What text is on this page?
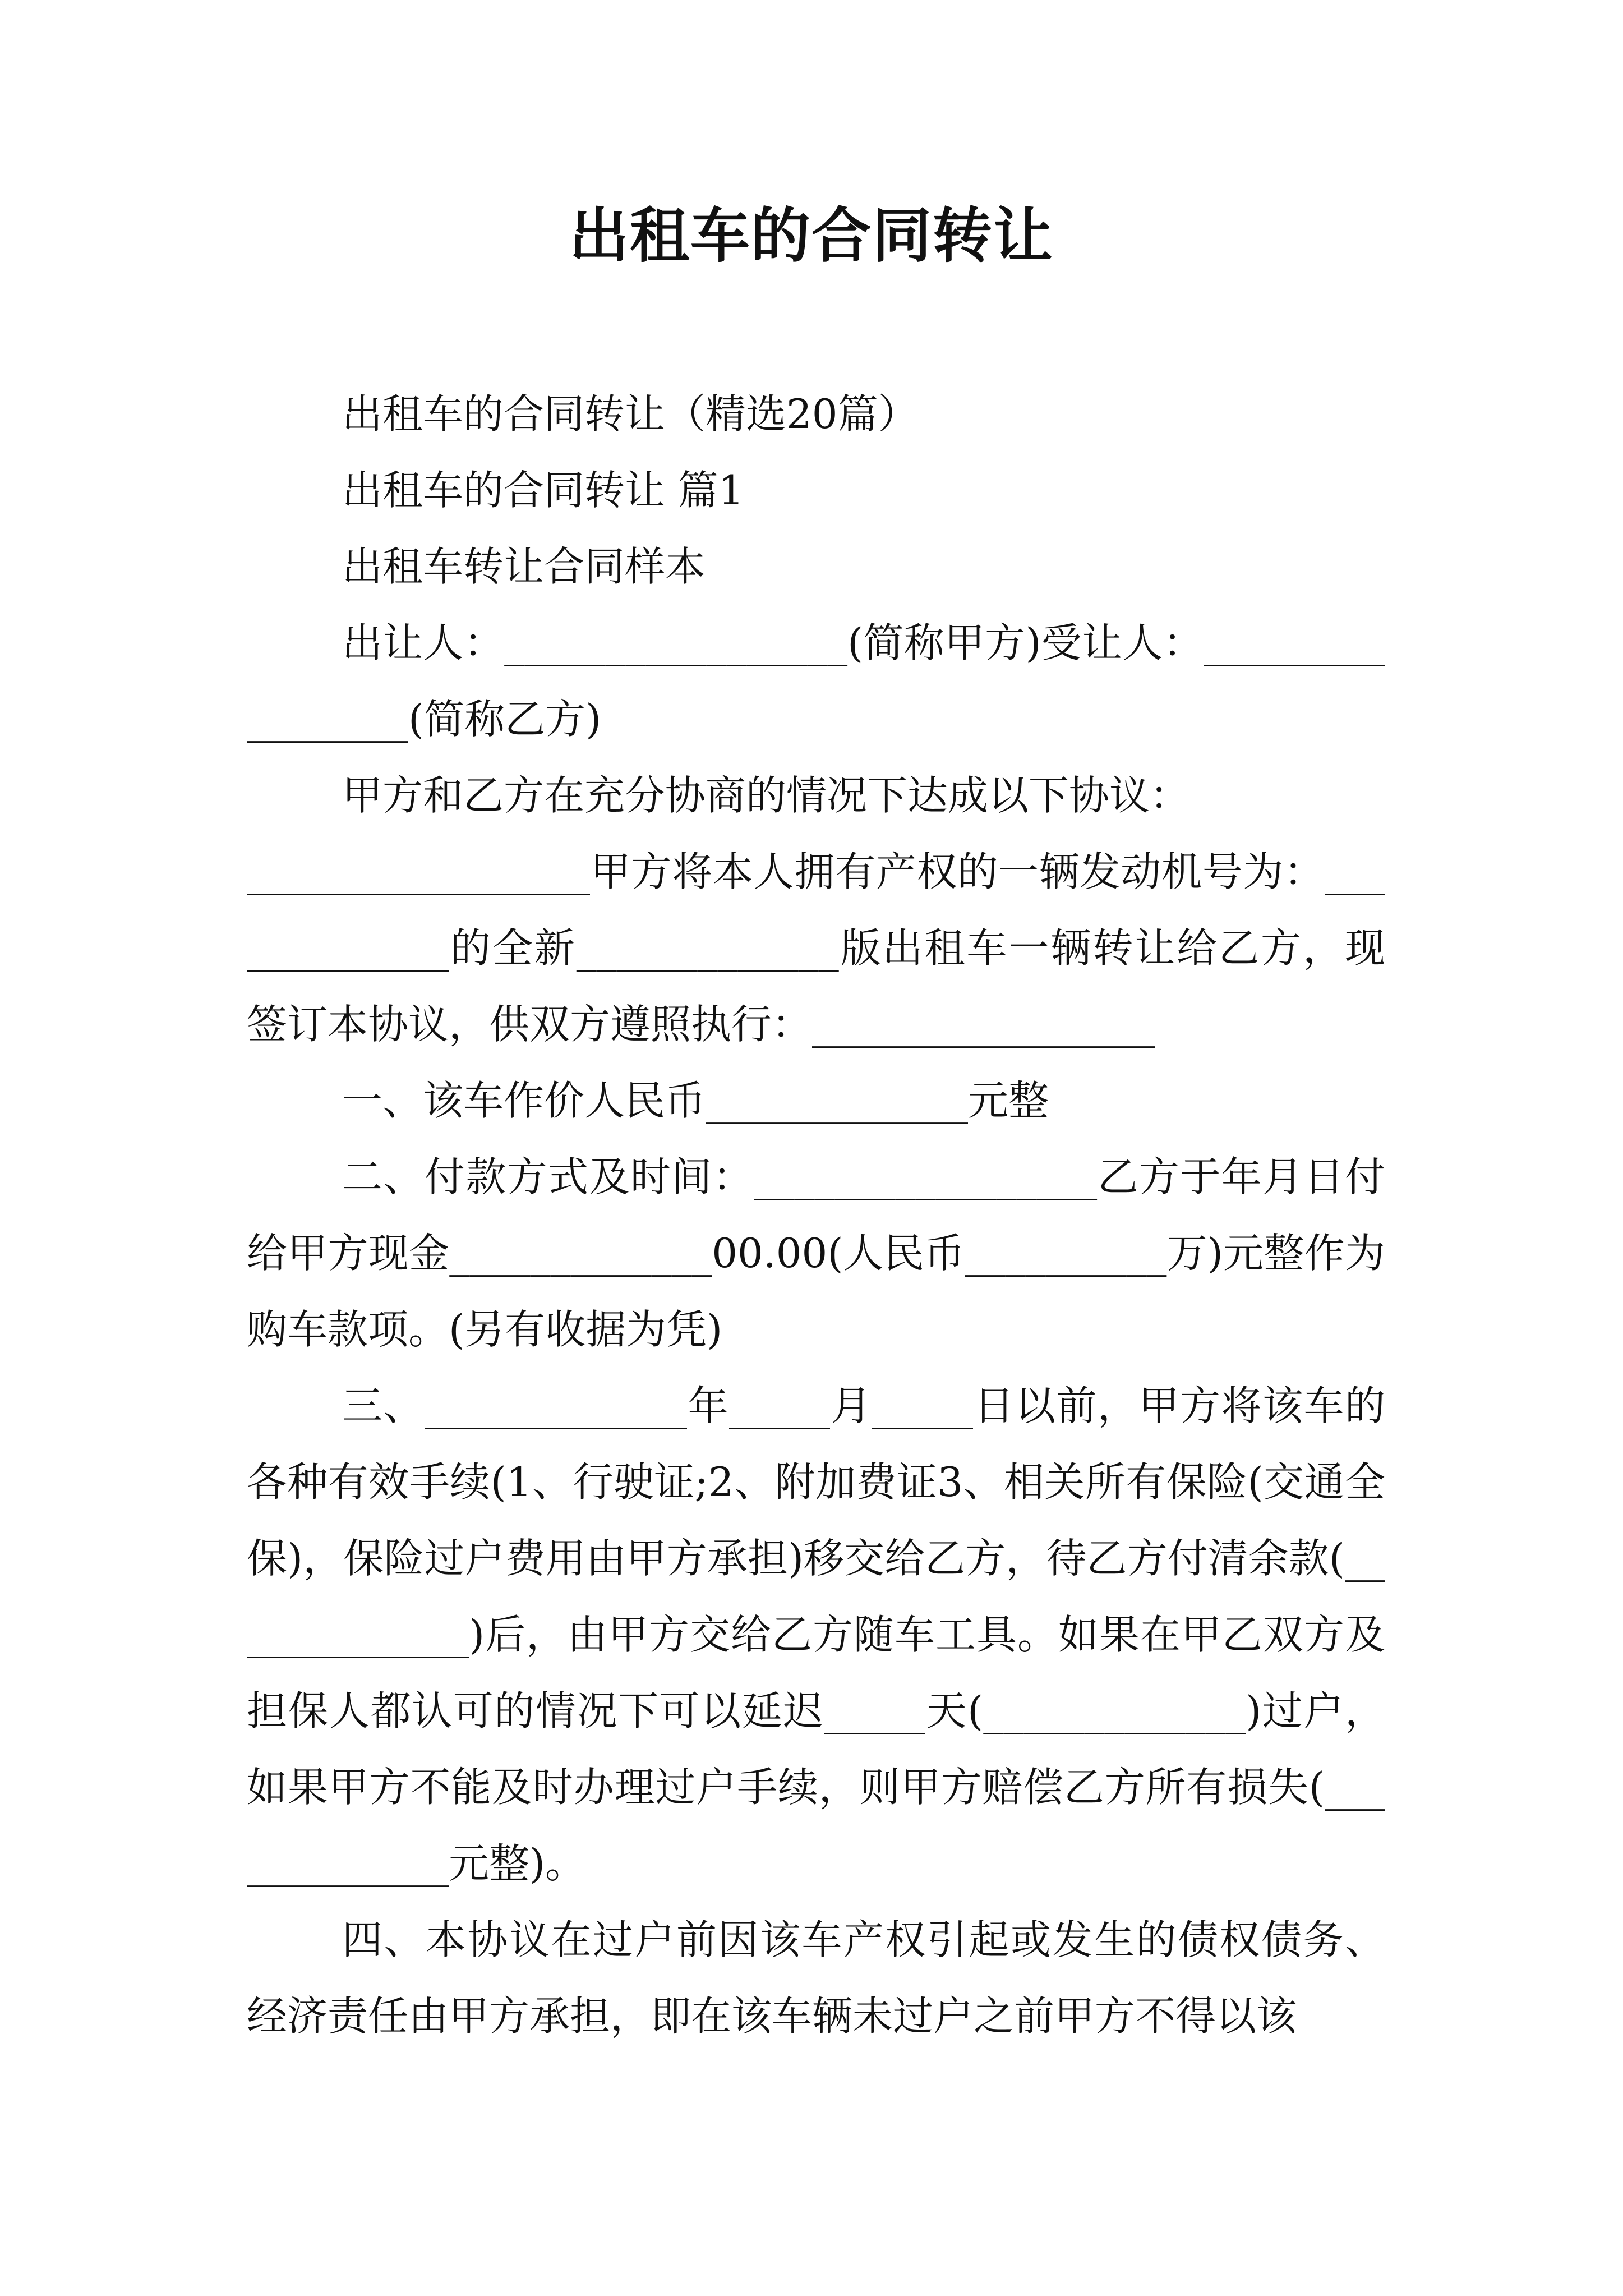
出租车的合同转让

出租车的合同转让（精选20篇）

出租车的合同转让 篇1

出租车转让合同样本

出让人：_________________(简称甲方)受让人：_________________(简称乙方)

甲方和乙方在充分协商的情况下达成以下协议：

_________________甲方将本人拥有产权的一辆发动机号为：_____________的全新_____________版出租车一辆转让给乙方，现签订本协议，供双方遵照执行：_________________

一、该车作价人民币_____________元整

二、付款方式及时间：_________________乙方于年月日付给甲方现金_____________00.00(人民币__________万)元整作为购车款项。(另有收据为凭)

三、_____________年_____月_____日以前，甲方将该车的各种有效手续(1、行驶证;2、附加费证3、相关所有保险(交通全保)，保险过户费用由甲方承担)移交给乙方，待乙方付清余款(_____________)后，由甲方交给乙方随车工具。如果在甲乙双方及担保人都认可的情况下可以延迟_____天(_____________)过户，如果甲方不能及时办理过户手续，则甲方赔偿乙方所有损失(_____________元整)。

四、本协议在过户前因该车产权引起或发生的债权债务、经济责任由甲方承担，即在该车辆未过户之前甲方不得以该
